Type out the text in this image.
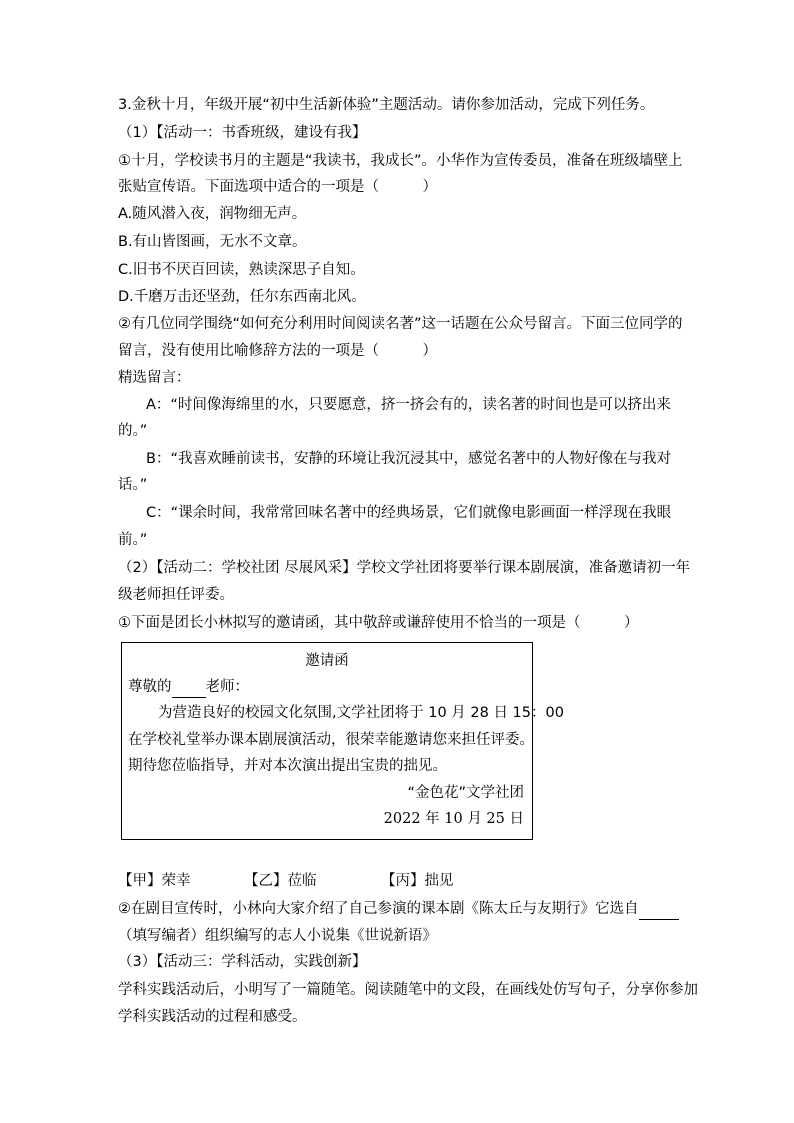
3.金秋十月，年级开展“初中生活新体验”主题活动。请你参加活动，完成下列任务。
（1）【活动一：书香班级，建设有我】
①十月，学校读书月的主题是“我读书，我成长”。小华作为宣传委员，准备在班级墙壁上
张贴宣传语。下面选项中适合的一项是（　　　）
A.随风潜入夜，润物细无声。
B.有山皆图画，无水不文章。
C.旧书不厌百回读，熟读深思子自知。
D.千磨万击还坚劲，任尔东西南北风。
②有几位同学围绕“如何充分利用时间阅读名著”这一话题在公众号留言。下面三位同学的
留言，没有使用比喻修辞方法的一项是（　　　）
精选留言：
A：“时间像海绵里的水，只要愿意，挤一挤会有的，读名著的时间也是可以挤出来
的。”
B：“我喜欢睡前读书，安静的环境让我沉浸其中，感觉名著中的人物好像在与我对
话。”
C：“课余时间，我常常回味名著中的经典场景，它们就像电影画面一样浮现在我眼
前。”
（2）【活动二：学校社团 尽展风采】学校文学社团将要举行课本剧展演，准备邀请初一年
级老师担任评委。
①下面是团长小林拟写的邀请函，其中敬辞或谦辞使用不恰当的一项是（　　　）
邀请函
尊敬的 老师：
为营造良好的校园文化氛围,文学社团将于 10 月 28 日 15：00
在学校礼堂举办课本剧展演活动，很荣幸能邀请您来担任评委。
期待您莅临指导，并对本次演出提出宝贵的拙见。
“金色花”文学社团
2022 年 10 月 25 日
【甲】荣幸	【乙】莅临	【丙】拙见
②在剧目宣传时，小林向大家介绍了自己参演的课本剧《陈太丘与友期行》它选自
（填写编者）组织编写的志人小说集《世说新语》
（3）【活动三：学科活动，实践创新】
学科实践活动后，小明写了一篇随笔。阅读随笔中的文段，在画线处仿写句子，分享你参加
学科实践活动的过程和感受。
